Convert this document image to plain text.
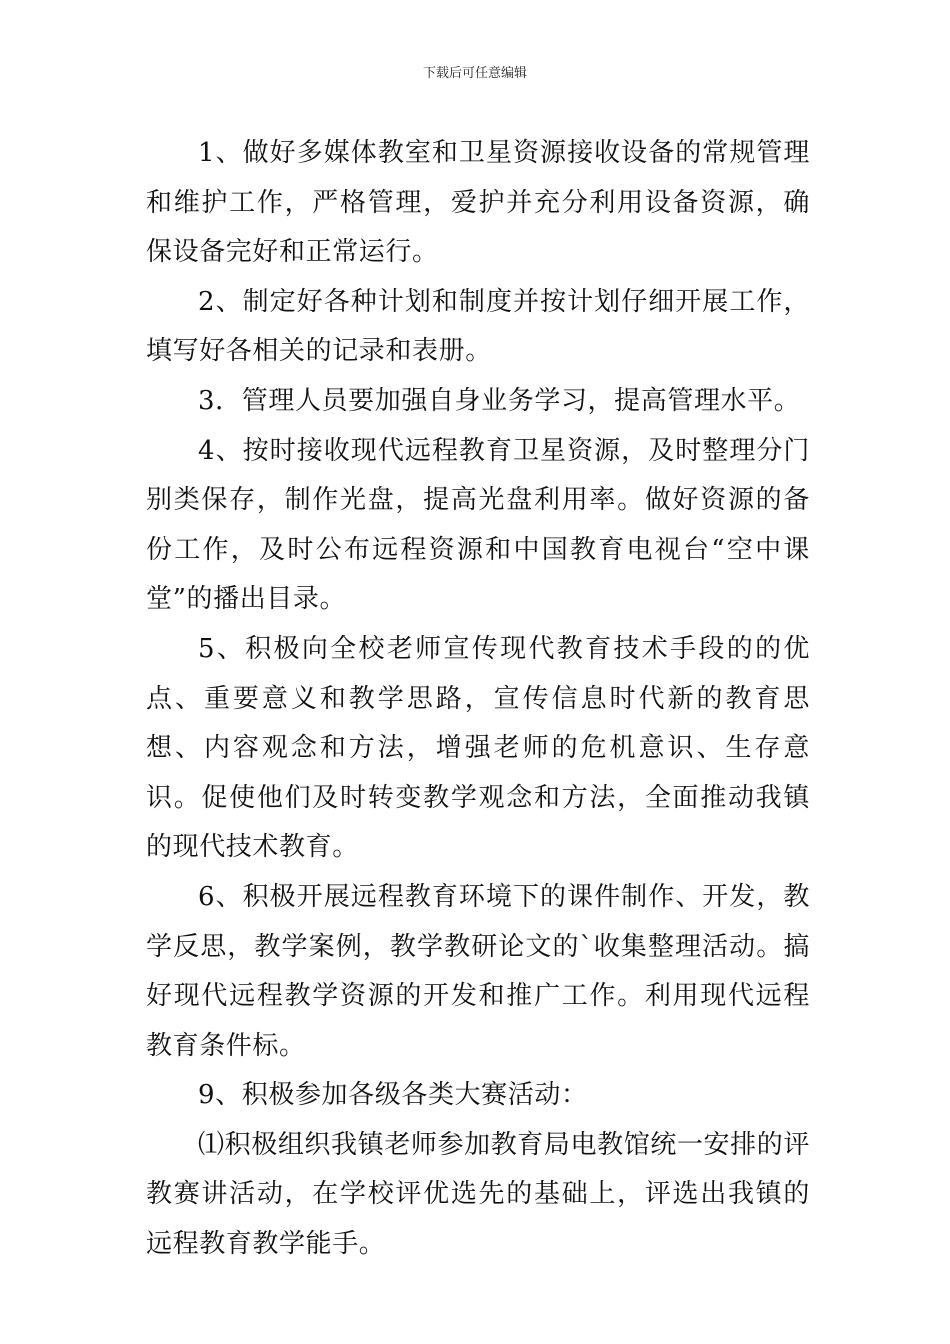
下载后可任意编辑

1、做好多媒体教室和卫星资源接收设备的常规管理和维护工作，严格管理，爱护并充分利用设备资源，确保设备完好和正常运行。

2、制定好各种计划和制度并按计划仔细开展工作，填写好各相关的记录和表册。

3．管理人员要加强自身业务学习，提高管理水平。

4、按时接收现代远程教育卫星资源，及时整理分门别类保存，制作光盘，提高光盘利用率。做好资源的备份工作，及时公布远程资源和中国教育电视台“空中课堂”的播出目录。

5、积极向全校老师宣传现代教育技术手段的的优点、重要意义和教学思路，宣传信息时代新的教育思想、内容观念和方法，增强老师的危机意识、生存意识。促使他们及时转变教学观念和方法，全面推动我镇的现代技术教育。

6、积极开展远程教育环境下的课件制作、开发，教学反思，教学案例，教学教研论文的`收集整理活动。搞好现代远程教学资源的开发和推广工作。利用现代远程教育条件标。

9、积极参加各级各类大赛活动：

⑴积极组织我镇老师参加教育局电教馆统一安排的评教赛讲活动，在学校评优选先的基础上，评选出我镇的远程教育教学能手。
